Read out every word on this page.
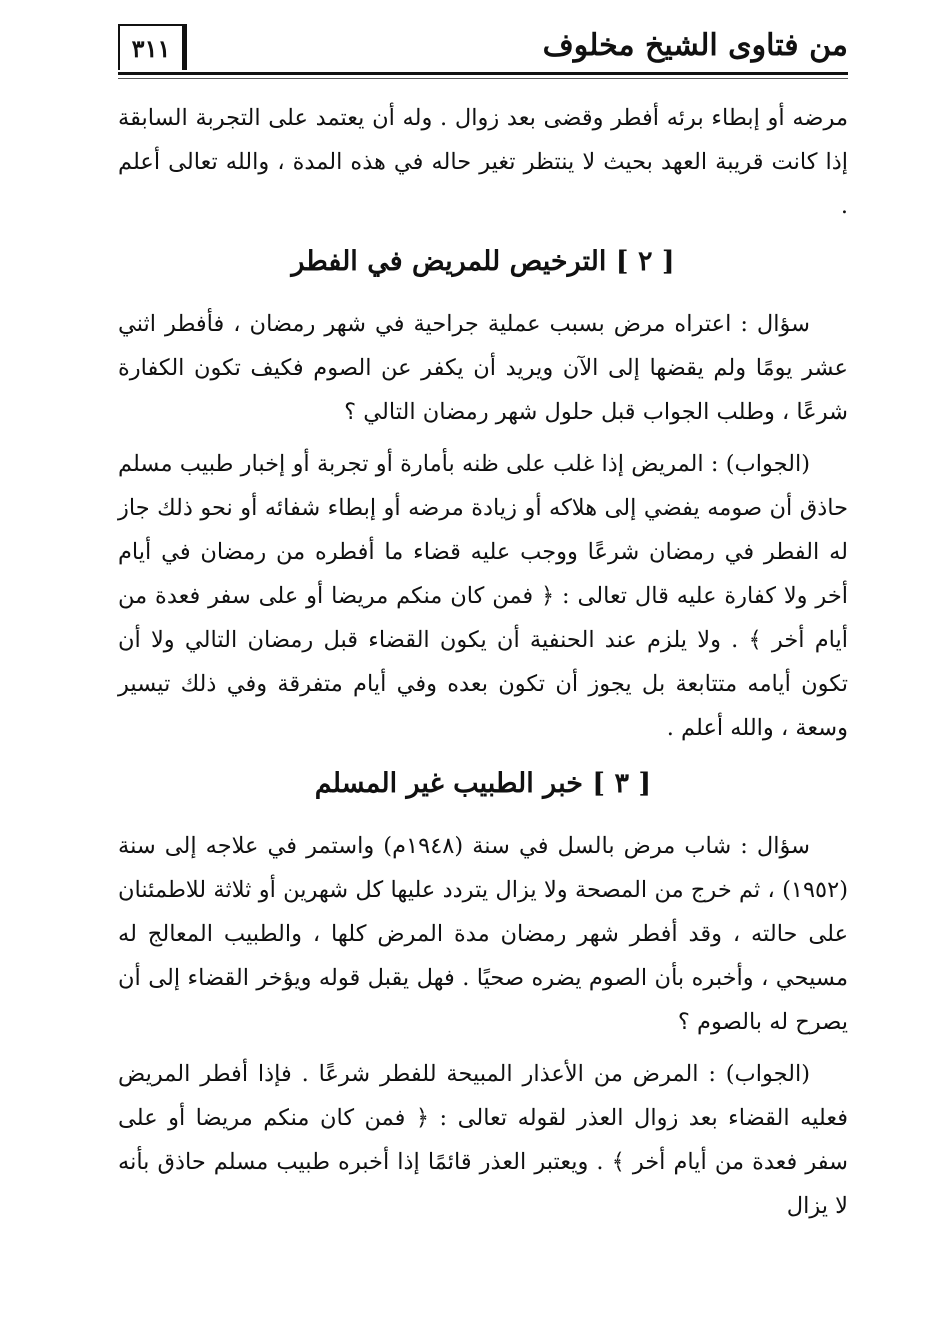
من فتاوى الشيخ مخلوف
٣١١

مرضه أو إبطاء برئه أفطر وقضى بعد زوال . وله أن يعتمد على التجربة السابقة إذا كانت قريبة العهد بحيث لا ينتظر تغير حاله في هذه المدة ، والله تعالى أعلم .

[ ٢ ] الترخيص للمريض في الفطر

سؤال : اعتراه مرض بسبب عملية جراحية في شهر رمضان ، فأفطر اثني عشر يومًا ولم يقضها إلى الآن ويريد أن يكفر عن الصوم فكيف تكون الكفارة شرعًا ، وطلب الجواب قبل حلول شهر رمضان التالي ؟

(الجواب) : المريض إذا غلب على ظنه بأمارة أو تجربة أو إخبار طبيب مسلم حاذق أن صومه يفضي إلى هلاكه أو زيادة مرضه أو إبطاء شفائه أو نحو ذلك جاز له الفطر في رمضان شرعًا ووجب عليه قضاء ما أفطره من رمضان في أيام أخر ولا كفارة عليه قال تعالى : ﴿ فمن كان منكم مريضا أو على سفر فعدة من أيام أخر ﴾ . ولا يلزم عند الحنفية أن يكون القضاء قبل رمضان التالي ولا أن تكون أيامه متتابعة بل يجوز أن تكون بعده وفي أيام متفرقة وفي ذلك تيسير وسعة ، والله أعلم .

[ ٣ ] خبر الطبيب غير المسلم

سؤال : شاب مرض بالسل في سنة (١٩٤٨م) واستمر في علاجه إلى سنة (١٩٥٢) ، ثم خرج من المصحة ولا يزال يتردد عليها كل شهرين أو ثلاثة للاطمئنان على حالته ، وقد أفطر شهر رمضان مدة المرض كلها ، والطبيب المعالج له مسيحي ، وأخبره بأن الصوم يضره صحيًا . فهل يقبل قوله ويؤخر القضاء إلى أن يصرح له بالصوم ؟

(الجواب) : المرض من الأعذار المبيحة للفطر شرعًا . فإذا أفطر المريض فعليه القضاء بعد زوال العذر لقوله تعالى : ﴿ فمن كان منكم مريضا أو على سفر فعدة من أيام أخر ﴾ . ويعتبر العذر قائمًا إذا أخبره طبيب مسلم حاذق بأنه لا يزال
